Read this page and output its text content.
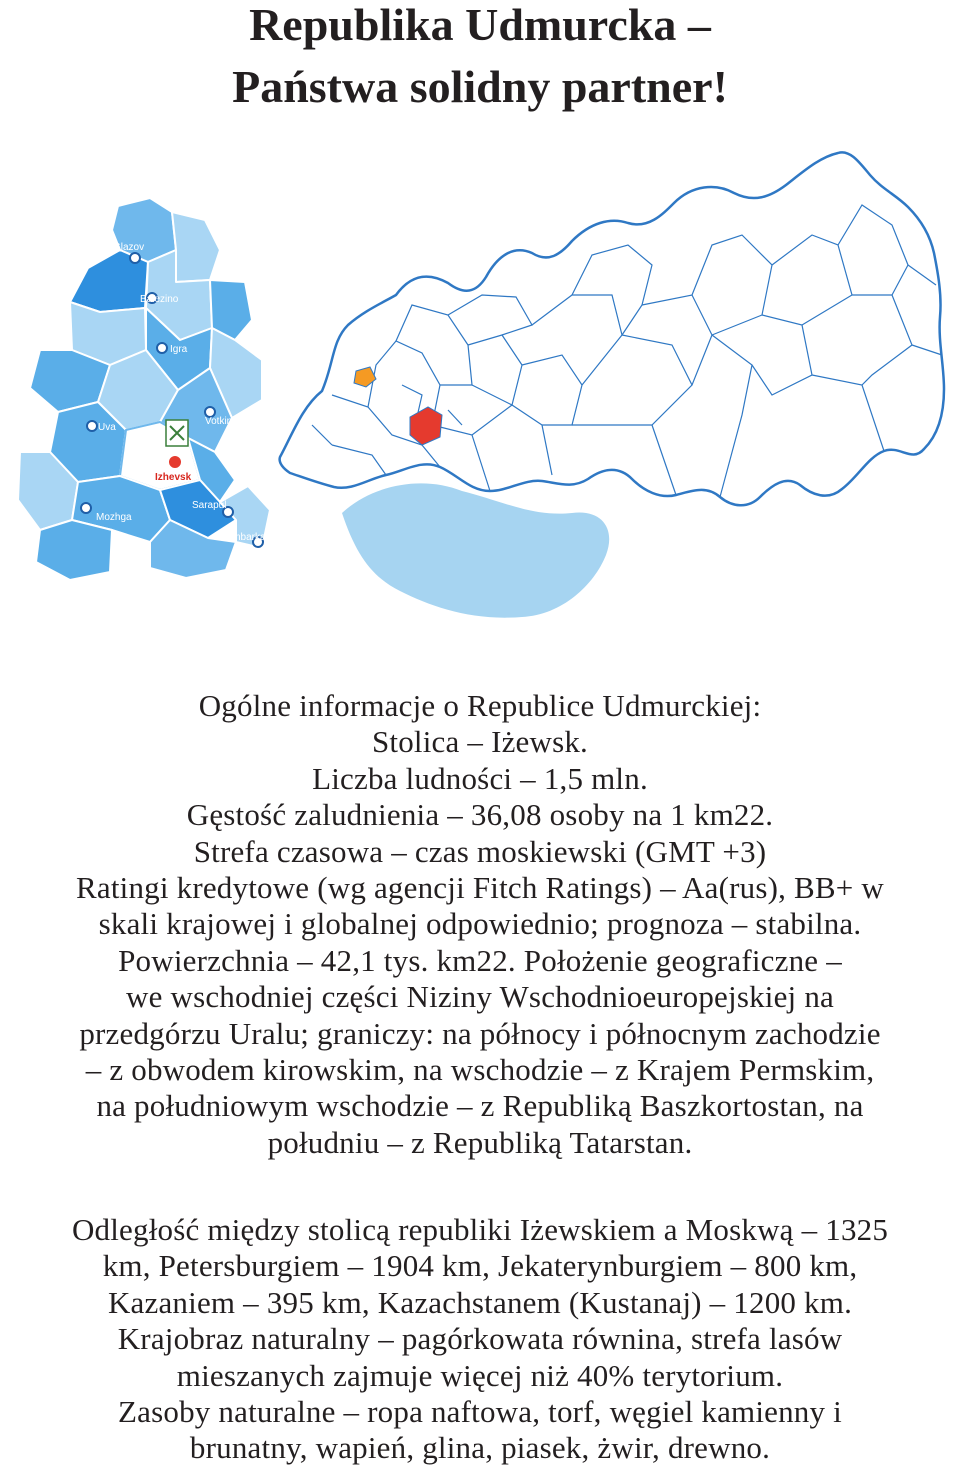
Republika Udmurcka –
Państwa solidny partner!
Glazov
Balezino
Igra
Votkinsk
Uva
Izhevsk
Sarapul
Mozhga
Kambarka
Ogólne informacje o Republice Udmurckiej:
Stolica – Iżewsk.
Liczba ludności – 1,5 mln.
Gęstość zaludnienia – 36,08 osoby na 1 km22.
Strefa czasowa – czas moskiewski (GMT +3)
Ratingi kredytowe (wg agencji Fitch Ratings) – Aa(rus), BB+ w
skali krajowej i globalnej odpowiednio; prognoza – stabilna.
Powierzchnia – 42,1 tys. km22. Położenie geograficzne –
we wschodniej części Niziny Wschodnioeuropejskiej na
przedgórzu Uralu; graniczy: na północy i północnym zachodzie
– z obwodem kirowskim, na wschodzie – z Krajem Permskim,
na południowym wschodzie – z Republiką Baszkortostan, na
południu – z Republiką Tatarstan.
Odległość między stolicą republiki Iżewskiem a Moskwą – 1325
km, Petersburgiem – 1904 km, Jekaterynburgiem – 800 km,
Kazaniem – 395 km, Kazachstanem (Kustanaj) – 1200 km.
Krajobraz naturalny – pagórkowata równina, strefa lasów
mieszanych zajmuje więcej niż 40% terytorium.
Zasoby naturalne – ropa naftowa, torf, węgiel kamienny i
brunatny, wapień, glina, piasek, żwir, drewno.
